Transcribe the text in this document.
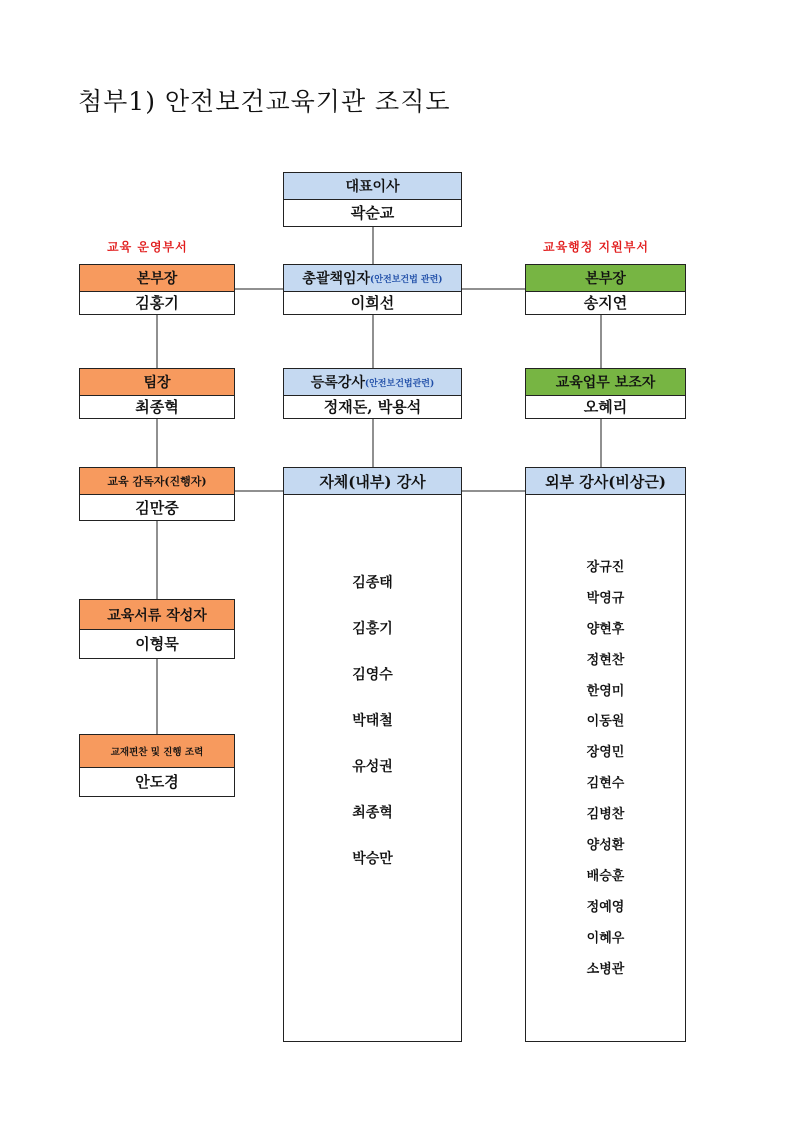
첨부1) 안전보건교육기관 조직도
대표이사
곽순교
교육 운영부서	교육행정 지원부서
총괄책임자 (안전보건법 관련)
이희선
본부장
김홍기
본부장
송지연
팀장
최종혁
등록강사 (안전보건법관련)
정재돈, 박용석
교육업무 보조자
오혜리
교육 감독자(진행자)
김만중
자체(내부) 강사
김종태
김홍기
김영수
박태철
유성권
최종혁
박승만
외부 강사(비상근)
장규진
박영규
양현후
정현찬
한영미
이동원
장영민
김현수
김병찬
양성환
배승훈
정예영
이혜우
소병관
교육서류 작성자
이형묵
교재편찬 및 진행 조력
안도경
